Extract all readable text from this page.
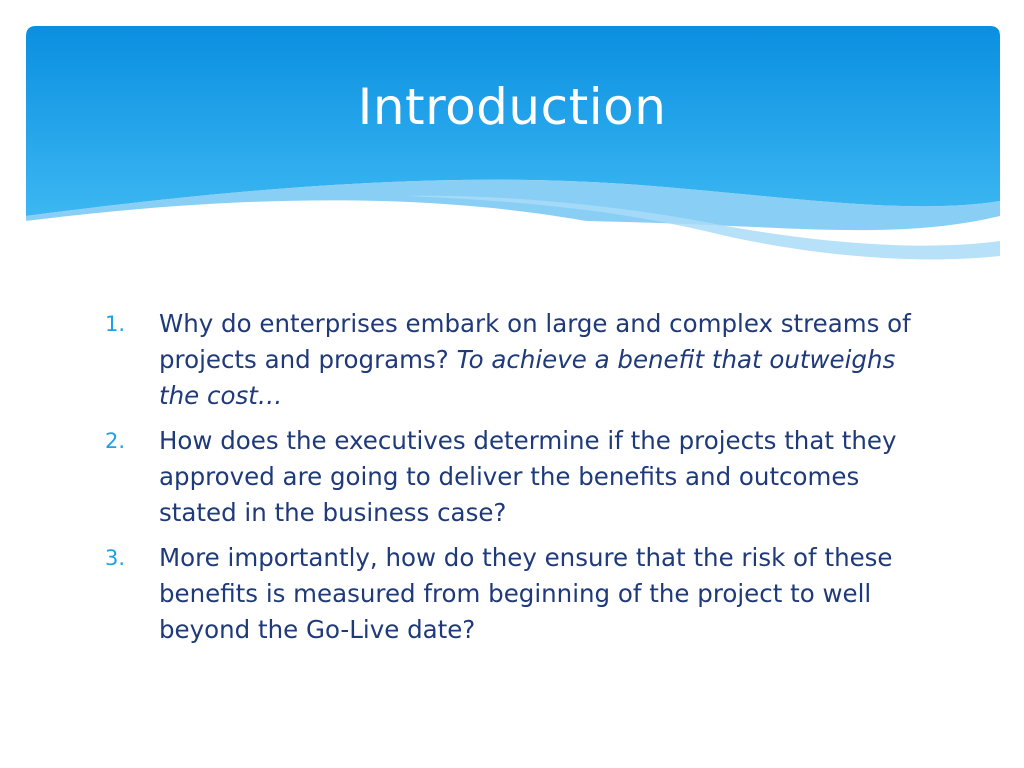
Introduction
1.	Why do enterprises embark on large and complex streams of projects and programs? To achieve a benefit that outweighs the cost…
2.	How does the executives determine if the projects that they approved are going to deliver the benefits and outcomes stated in the business case?
3.	More importantly, how do they ensure that the risk of these benefits is measured from beginning of the project to well beyond the Go-Live date?
